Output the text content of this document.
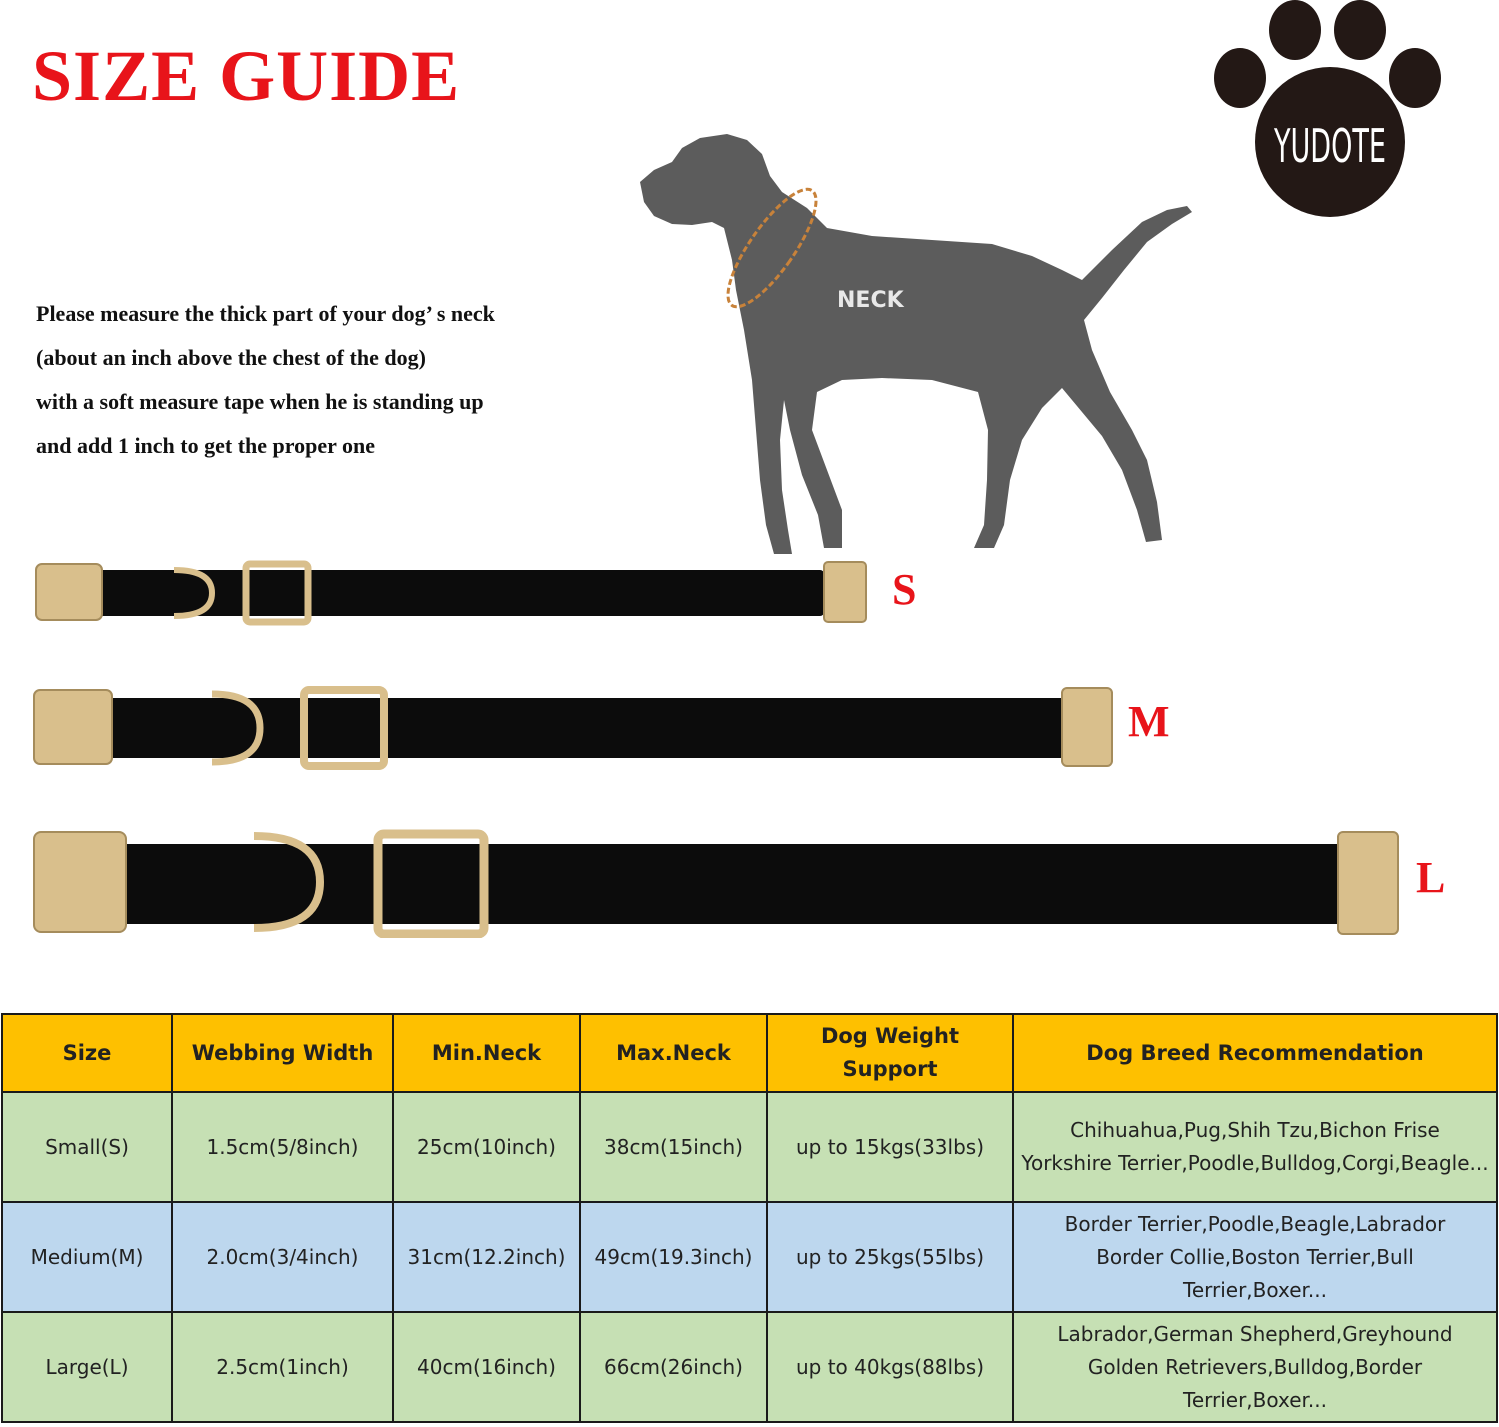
SIZE GUIDE
YUDOTE
Please measure the thick part of your dog’ s neck
(about an inch above the chest of the dog)
with a soft measure tape when he is standing up
and add 1 inch to get the proper one
NECK
S
M
L
Size	Webbing Width	Min.Neck	Max.Neck	Dog Weight Support	Dog Breed Recommendation
Small(S)	1.5cm(5/8inch)	25cm(10inch)	38cm(15inch)	up to 15kgs(33lbs)	Chihuahua,Pug,Shih Tzu,Bichon Frise
Yorkshire Terrier,Poodle,Bulldog,Corgi,Beagle...

Medium(M)	2.0cm(3/4inch)	31cm(12.2inch)	49cm(19.3inch)	up to 25kgs(55lbs)	Border Terrier,Poodle,Beagle,Labrador
Border Collie,Boston Terrier,Bull
Terrier,Boxer...

Large(L)	2.5cm(1inch)	40cm(16inch)	66cm(26inch)	up to 40kgs(88lbs)	Labrador,German Shepherd,Greyhound
Golden Retrievers,Bulldog,Border
Terrier,Boxer...
